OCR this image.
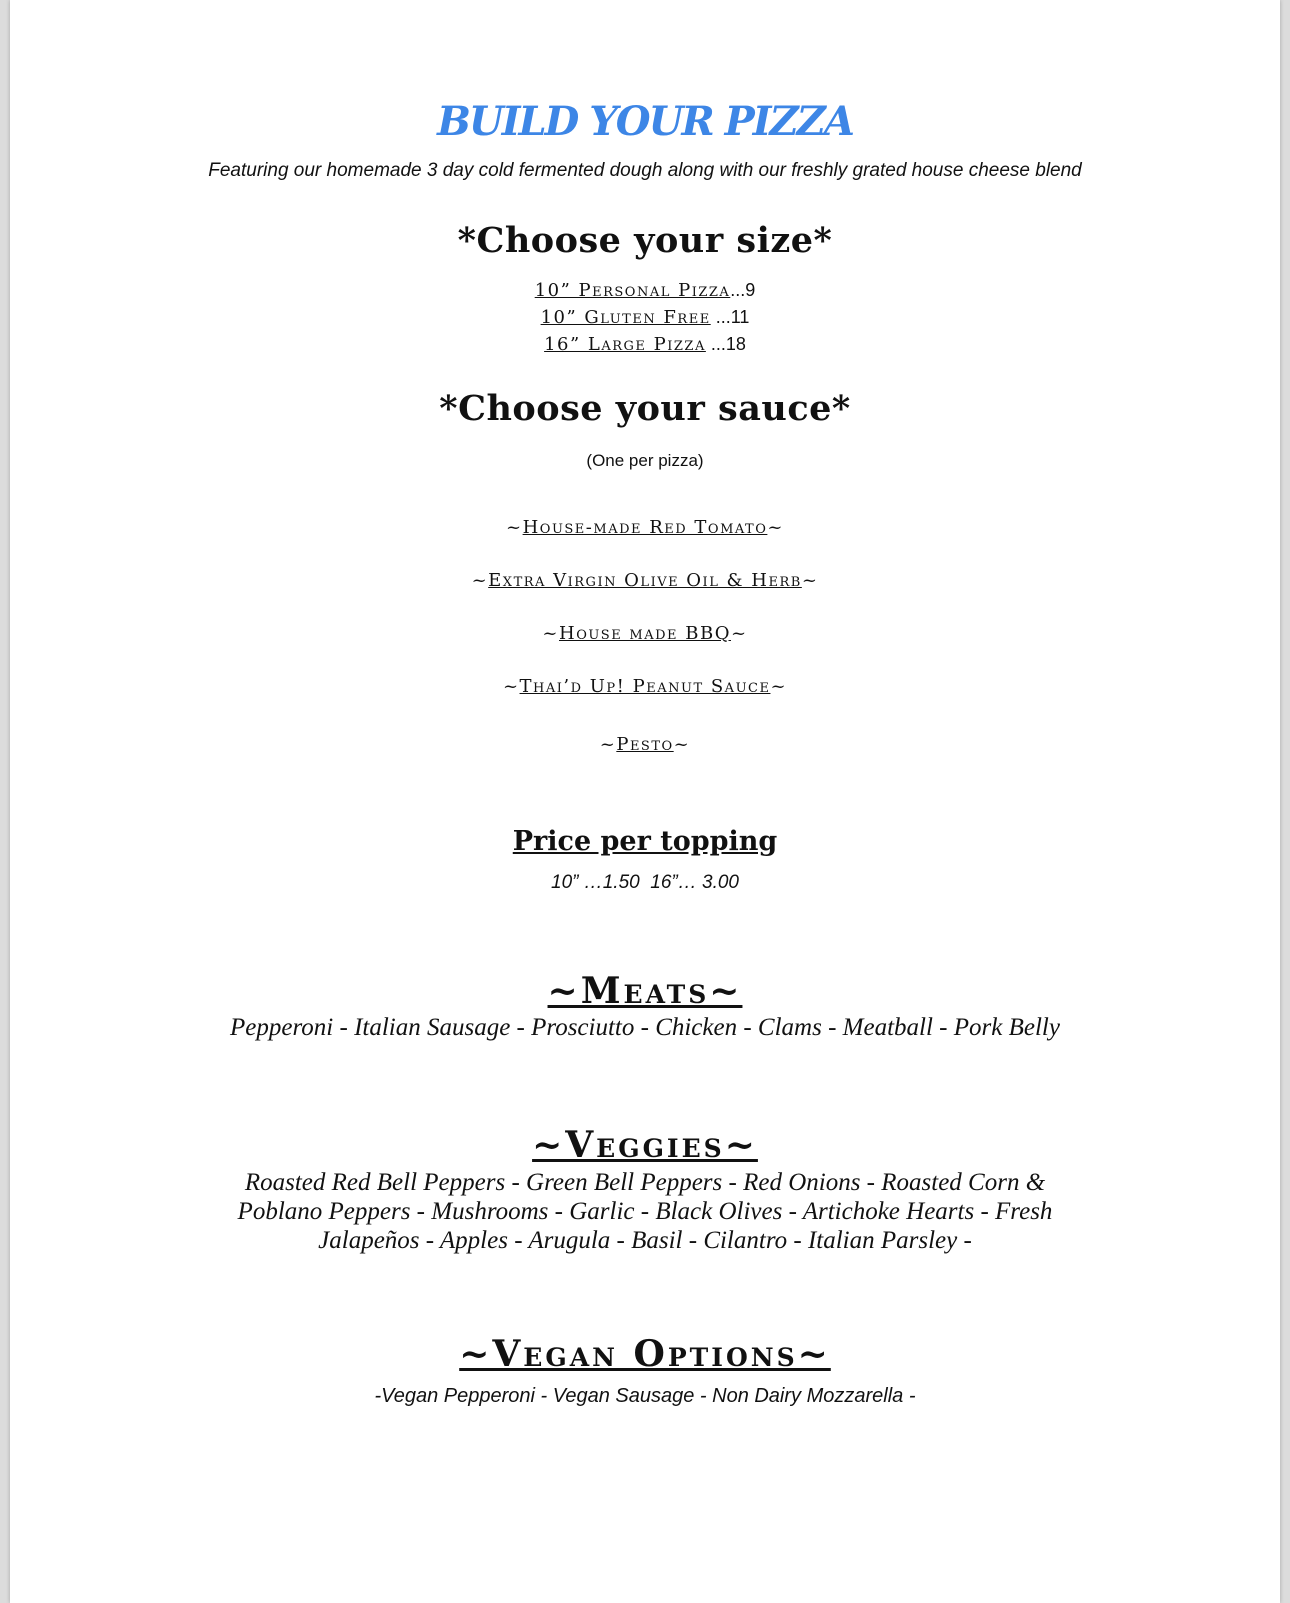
BUILD YOUR PIZZA
Featuring our homemade 3 day cold fermented dough along with our freshly grated house cheese blend
*Choose your size*
10” Personal Pizza...9
10” Gluten Free ...11
16” Large Pizza ...18
*Choose your sauce*
(One per pizza)
~House-made Red Tomato~
~Extra Virgin Olive Oil & Herb~
~House made BBQ~
~Thai’d Up! Peanut Sauce~
~Pesto~
Price per topping
10” …1.50  16”… 3.00
~Meats~
Pepperoni - Italian Sausage - Prosciutto - Chicken - Clams - Meatball - Pork Belly
~Veggies~
Roasted Red Bell Peppers - Green Bell Peppers - Red Onions - Roasted Corn &
Poblano Peppers - Mushrooms - Garlic - Black Olives - Artichoke Hearts - Fresh
Jalapeños - Apples - Arugula - Basil - Cilantro - Italian Parsley -
~Vegan Options~
-Vegan Pepperoni - Vegan Sausage - Non Dairy Mozzarella -
